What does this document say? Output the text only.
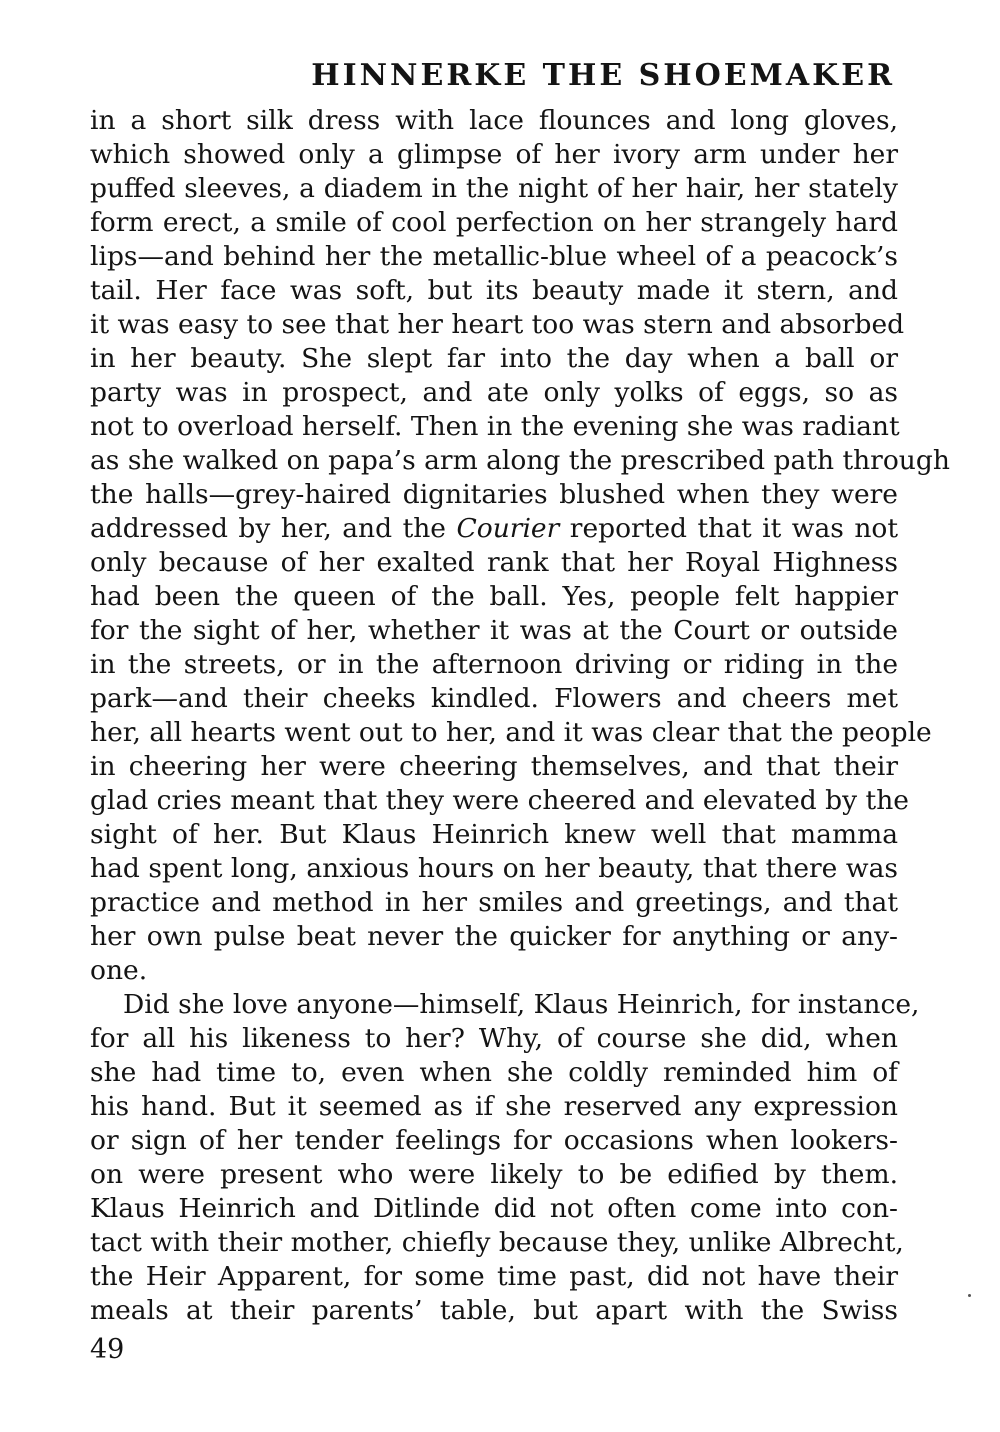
HINNERKE THE SHOEMAKER
in a short silk dress with lace flounces and long gloves,
which showed only a glimpse of her ivory arm under her
puffed sleeves, a diadem in the night of her hair, her stately
form erect, a smile of cool perfection on her strangely hard
lips—and behind her the metallic-blue wheel of a peacock’s
tail. Her face was soft, but its beauty made it stern, and
it was easy to see that her heart too was stern and absorbed
in her beauty. She slept far into the day when a ball or
party was in prospect, and ate only yolks of eggs, so as
not to overload herself. Then in the evening she was radiant
as she walked on papa’s arm along the prescribed path through
the halls—grey-haired dignitaries blushed when they were
addressed by her, and the Courier reported that it was not
only because of her exalted rank that her Royal Highness
had been the queen of the ball. Yes, people felt happier
for the sight of her, whether it was at the Court or outside
in the streets, or in the afternoon driving or riding in the
park—and their cheeks kindled. Flowers and cheers met
her, all hearts went out to her, and it was clear that the people
in cheering her were cheering themselves, and that their
glad cries meant that they were cheered and elevated by the
sight of her. But Klaus Heinrich knew well that mamma
had spent long, anxious hours on her beauty, that there was
practice and method in her smiles and greetings, and that
her own pulse beat never the quicker for anything or any-
one.
Did she love anyone—himself, Klaus Heinrich, for instance,
for all his likeness to her? Why, of course she did, when
she had time to, even when she coldly reminded him of
his hand. But it seemed as if she reserved any expression
or sign of her tender feelings for occasions when lookers-
on were present who were likely to be edified by them.
Klaus Heinrich and Ditlinde did not often come into con-
tact with their mother, chiefly because they, unlike Albrecht,
the Heir Apparent, for some time past, did not have their
meals at their parents’ table, but apart with the Swiss
49
